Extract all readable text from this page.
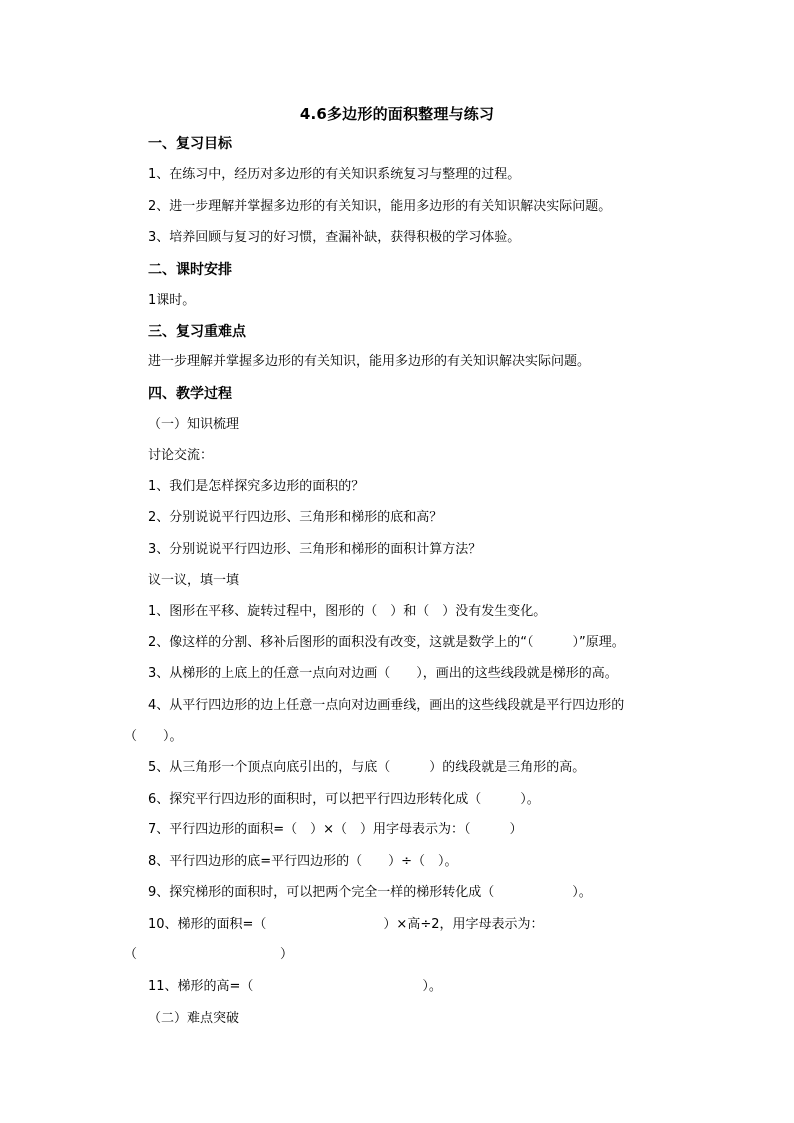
4.6多边形的面积整理与练习
一、复习目标
1、在练习中，经历对多边形的有关知识系统复习与整理的过程。
2、进一步理解并掌握多边形的有关知识，能用多边形的有关知识解决实际问题。
3、培养回顾与复习的好习惯，查漏补缺，获得积极的学习体验。
二、课时安排
1课时。
三、复习重难点
进一步理解并掌握多边形的有关知识，能用多边形的有关知识解决实际问题。
四、教学过程
（一）知识梳理
讨论交流：
1、我们是怎样探究多边形的面积的？
2、分别说说平行四边形、三角形和梯形的底和高？
3、分别说说平行四边形、三角形和梯形的面积计算方法？
议一议，填一填
1、图形在平移、旋转过程中，图形的（　）和（　）没有发生变化。
2、像这样的分割、移补后图形的面积没有改变，这就是数学上的“（　　　）”原理。
3、从梯形的上底上的任意一点向对边画（　　），画出的这些线段就是梯形的高。
4、从平行四边形的边上任意一点向对边画垂线，画出的这些线段就是平行四边形的
（　　）。
5、从三角形一个顶点向底引出的，与底（　　　）的线段就是三角形的高。
6、探究平行四边形的面积时，可以把平行四边形转化成（　　　）。
7、平行四边形的面积=（　）×（　）用字母表示为：（　　　）
8、平行四边形的底=平行四边形的（　　）÷（　）。
9、探究梯形的面积时，可以把两个完全一样的梯形转化成（　　　　　　）。
10、梯形的面积=（　　　　　　　　　）×高÷2，用字母表示为：
（　　　　　　　　　　　）
11、梯形的高=（　　　　　　　　　　　　　）。
（二）难点突破
